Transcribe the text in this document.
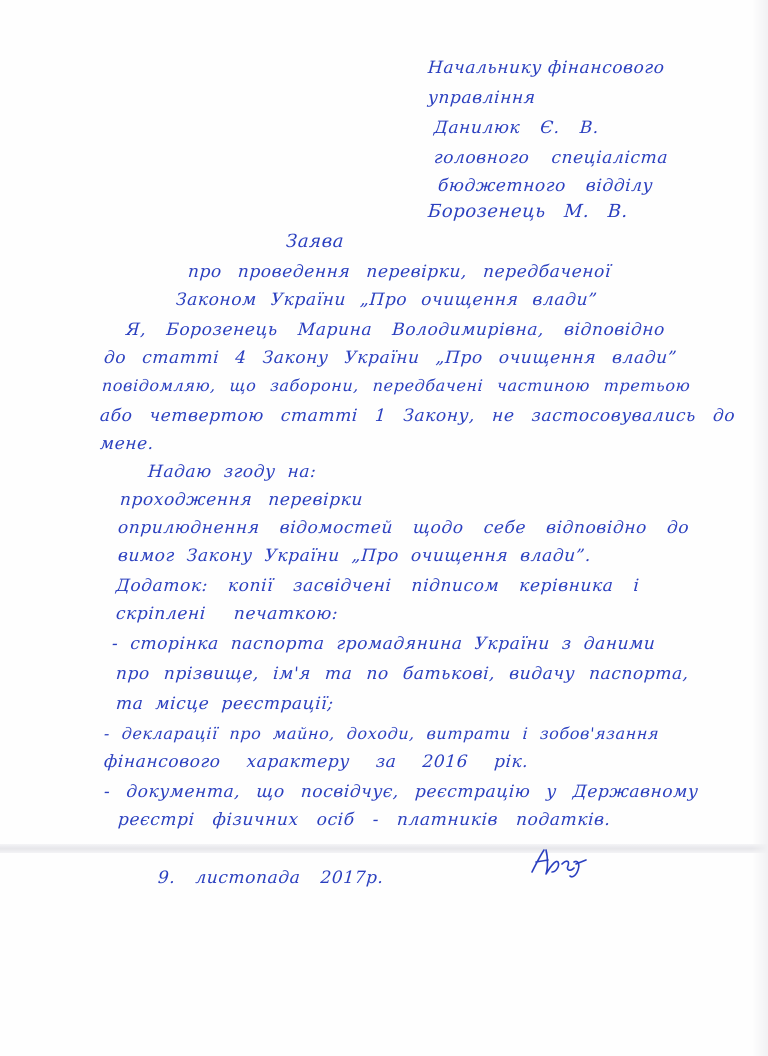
Начальнику фінансового
управління
Данилюк Є. В.
головного спеціаліста
бюджетного відділу
Борозенець М. В.
Заява
про проведення перевірки, передбаченої
Законом України „Про очищення влади”
Я, Борозенець Марина Володимирівна, відповідно
до статті 4 Закону України „Про очищення влади”
повідомляю, що заборони, передбачені частиною третьою
або четвертою статті 1 Закону, не застосовувались до
мене.
Надаю згоду на:
проходження перевірки
оприлюднення відомостей щодо себе відповідно до
вимог Закону України „Про очищення влади”.
Додаток: копії засвідчені підписом керівника і
скріплені печаткою:
- сторінка паспорта громадянина України з даними
про прізвище, ім'я та по батькові, видачу паспорта,
та місце реєстрації;
- декларації про майно, доходи, витрати і зобов'язання
фінансового характеру за 2016 рік.
- документа, що посвідчує, реєстрацію у Державному
реєстрі фізичних осіб - платників податків.
9. листопада 2017р.
